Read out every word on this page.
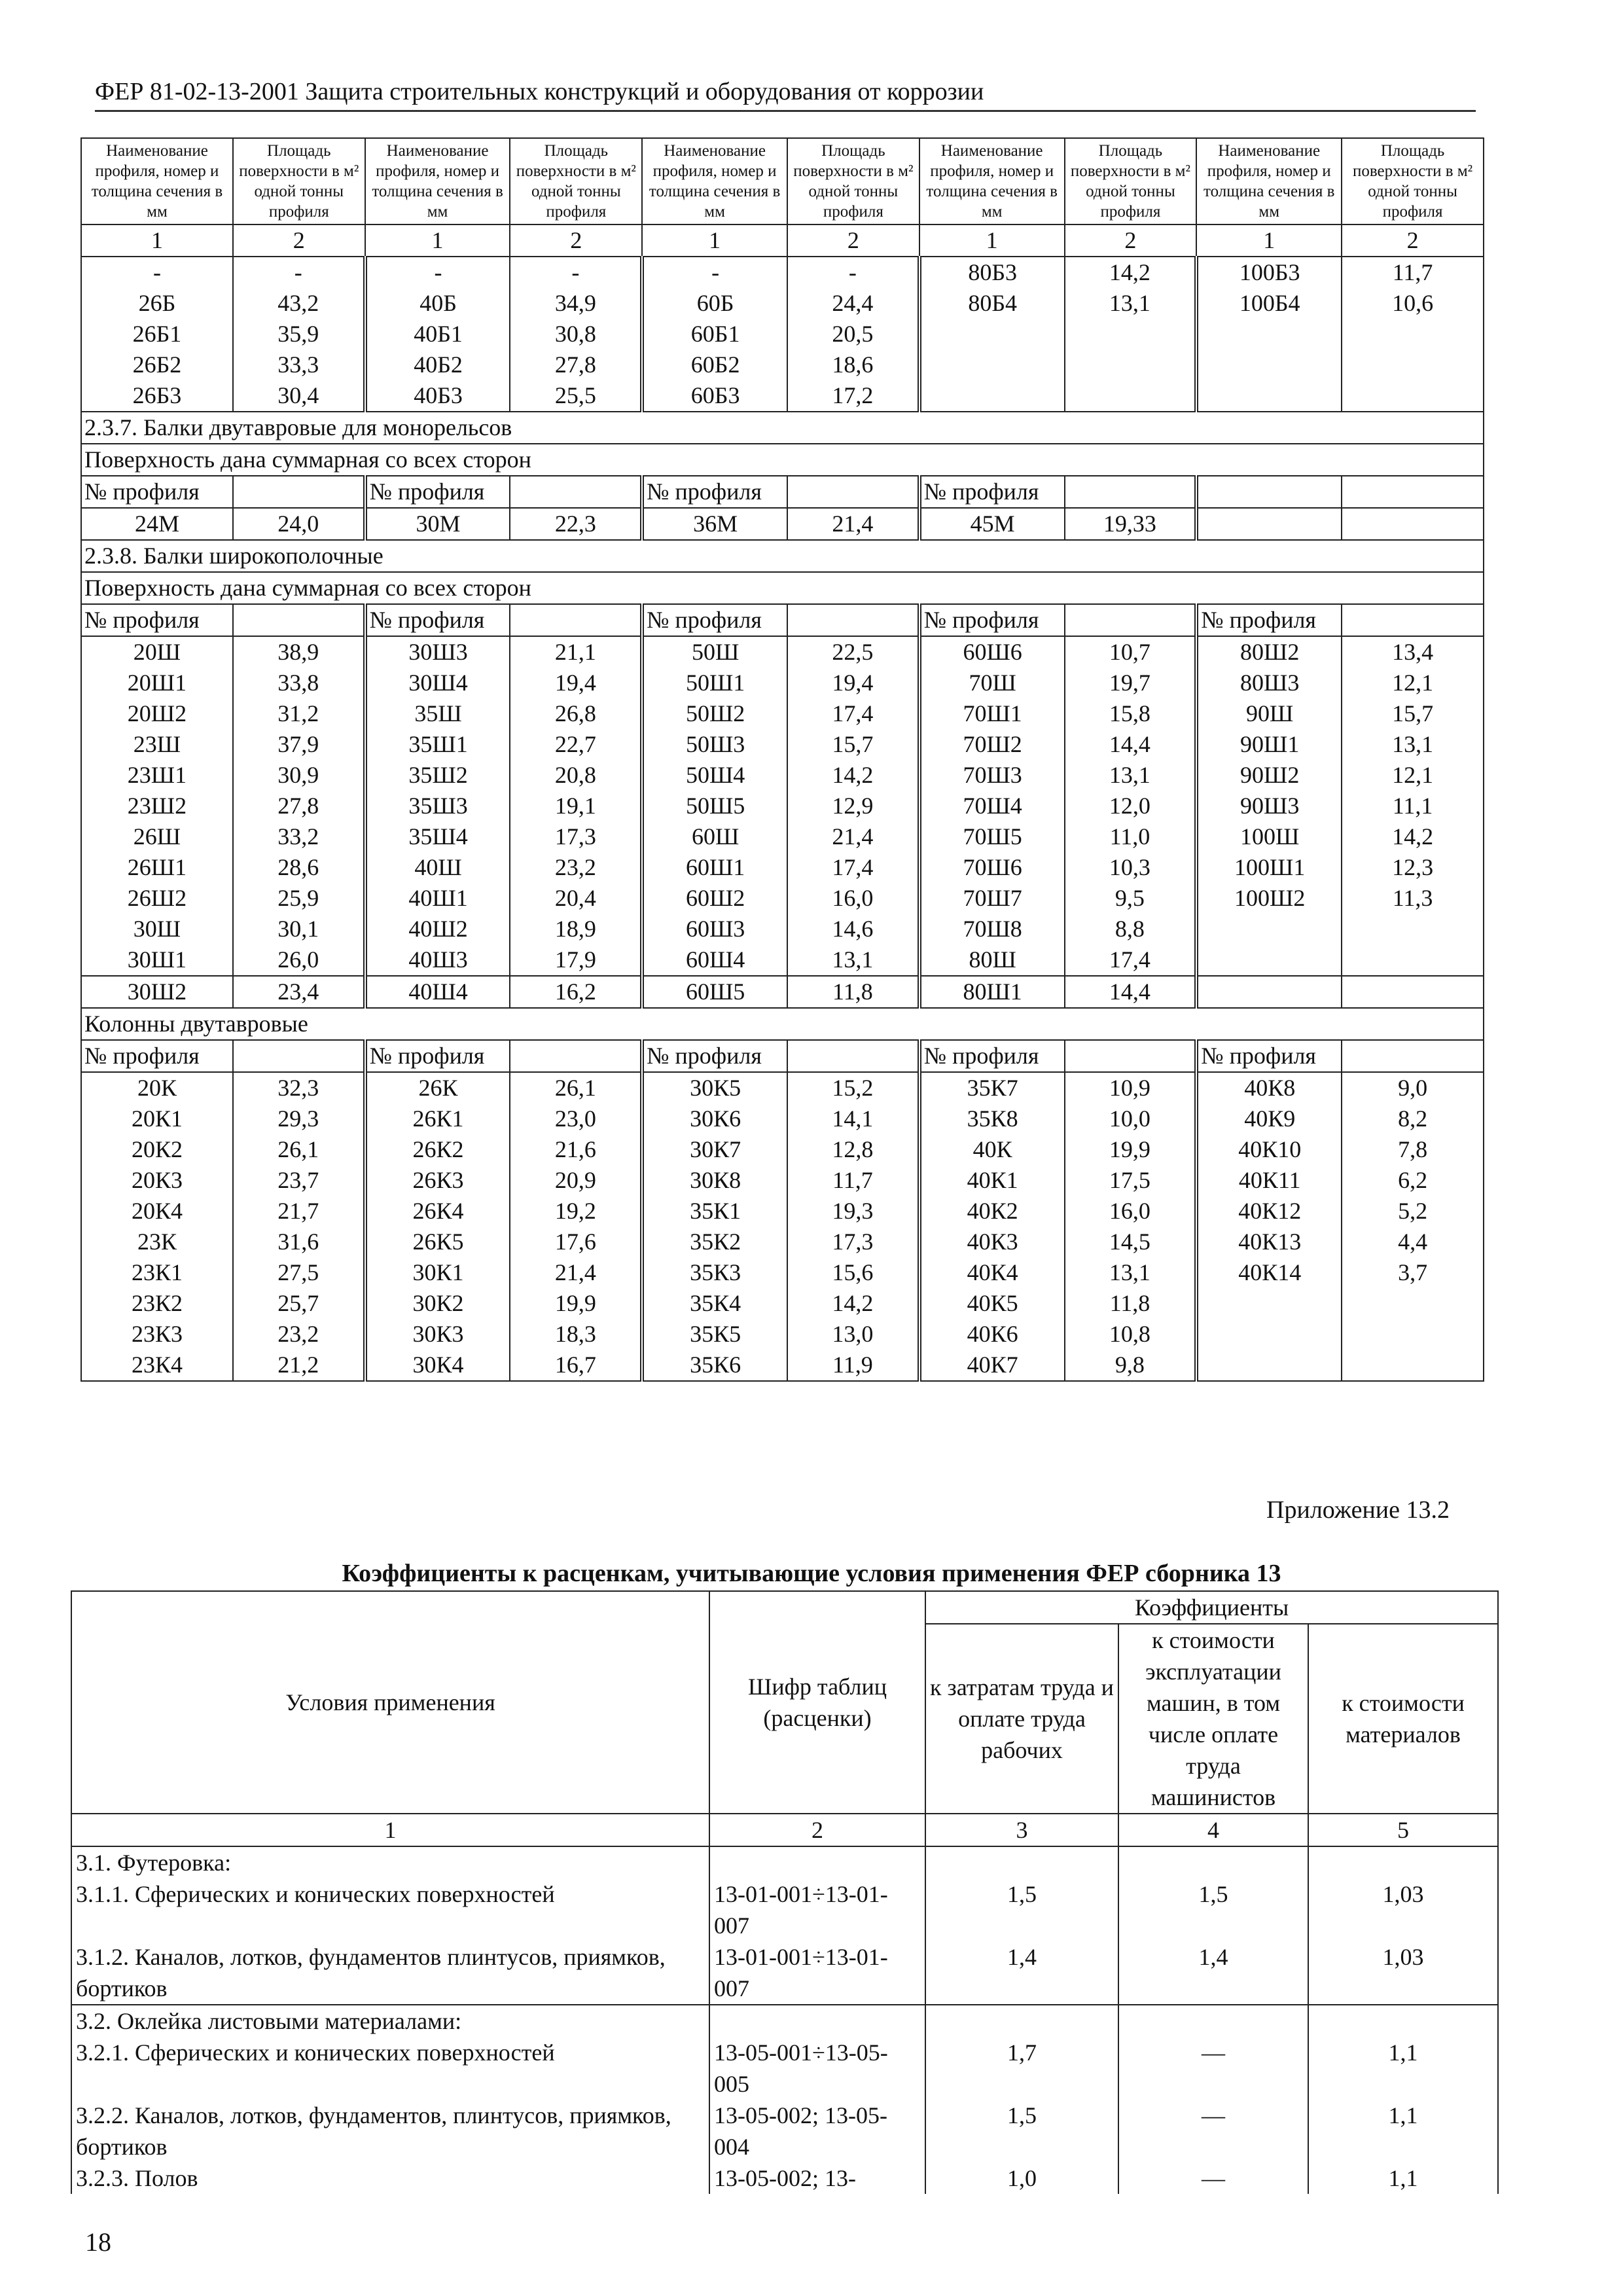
ФЕР 81-02-13-2001 Защита строительных конструкций и оборудования от коррозии
Наименование профиля, номер и толщина сечения в мм	Площадь поверхности в м² одной тонны профиля	Наименование профиля, номер и толщина сечения в мм	Площадь поверхности в м² одной тонны профиля	Наименование профиля, номер и толщина сечения в мм	Площадь поверхности в м² одной тонны профиля	Наименование профиля, номер и толщина сечения в мм	Площадь поверхности в м² одной тонны профиля	Наименование профиля, номер и толщина сечения в мм	Площадь поверхности в м² одной тонны профиля
1	2	1	2	1	2	1	2	1	2
-	-	-	-	-	-	80Б3	14,2	100Б3	11,7
26Б	43,2	40Б	34,9	60Б	24,4	80Б4	13,1	100Б4	10,6
26Б1	35,9	40Б1	30,8	60Б1	20,5				
26Б2	33,3	40Б2	27,8	60Б2	18,6				
26Б3	30,4	40Б3	25,5	60Б3	17,2				
2.3.7. Балки двутавровые для монорельсов									
Поверхность дана суммарная со всех сторон									
№ профиля		№ профиля		№ профиля		№ профиля			
24М	24,0	30М	22,3	36М	21,4	45М	19,33		
2.3.8. Балки широкополочные									
Поверхность дана суммарная со всех сторон									
№ профиля		№ профиля		№ профиля		№ профиля		№ профиля	
20Ш	38,9	30Ш3	21,1	50Ш	22,5	60Ш6	10,7	80Ш2	13,4
20Ш1	33,8	30Ш4	19,4	50Ш1	19,4	70Ш	19,7	80Ш3	12,1
20Ш2	31,2	35Ш	26,8	50Ш2	17,4	70Ш1	15,8	90Ш	15,7
23Ш	37,9	35Ш1	22,7	50Ш3	15,7	70Ш2	14,4	90Ш1	13,1
23Ш1	30,9	35Ш2	20,8	50Ш4	14,2	70Ш3	13,1	90Ш2	12,1
23Ш2	27,8	35Ш3	19,1	50Ш5	12,9	70Ш4	12,0	90Ш3	11,1
26Ш	33,2	35Ш4	17,3	60Ш	21,4	70Ш5	11,0	100Ш	14,2
26Ш1	28,6	40Ш	23,2	60Ш1	17,4	70Ш6	10,3	100Ш1	12,3
26Ш2	25,9	40Ш1	20,4	60Ш2	16,0	70Ш7	9,5	100Ш2	11,3
30Ш	30,1	40Ш2	18,9	60Ш3	14,6	70Ш8	8,8		
30Ш1	26,0	40Ш3	17,9	60Ш4	13,1	80Ш	17,4		
30Ш2	23,4	40Ш4	16,2	60Ш5	11,8	80Ш1	14,4		
Колонны двутавровые									
№ профиля		№ профиля		№ профиля		№ профиля		№ профиля	
20К	32,3	26К	26,1	30К5	15,2	35К7	10,9	40К8	9,0
20К1	29,3	26К1	23,0	30К6	14,1	35К8	10,0	40К9	8,2
20К2	26,1	26К2	21,6	30К7	12,8	40К	19,9	40К10	7,8
20К3	23,7	26К3	20,9	30К8	11,7	40К1	17,5	40К11	6,2
20К4	21,7	26К4	19,2	35К1	19,3	40К2	16,0	40К12	5,2
23К	31,6	26К5	17,6	35К2	17,3	40К3	14,5	40К13	4,4
23К1	27,5	30К1	21,4	35К3	15,6	40К4	13,1	40К14	3,7
23К2	25,7	30К2	19,9	35К4	14,2	40К5	11,8		
23К3	23,2	30К3	18,3	35К5	13,0	40К6	10,8		
23К4	21,2	30К4	16,7	35К6	11,9	40К7	9,8		
Приложение 13.2
Коэффициенты к расценкам, учитывающие условия применения ФЕР сборника 13
Условия применения	Шифр таблиц (расценки)	Коэффициенты		
		к затратам труда и оплате труда рабочих	к стоимости эксплуатации машин, в том числе оплате труда машинистов	к стоимости материалов
1	2	3	4	5
3.1. Футеровка:				
3.1.1. Сферических и конических поверхностей	13-01-001÷13-01-007	1,5	1,5	1,03
3.1.2. Каналов, лотков, фундаментов плинтусов, приямков, бортиков	13-01-001÷13-01-007	1,4	1,4	1,03
3.2. Оклейка листовыми материалами:				
3.2.1. Сферических и конических поверхностей	13-05-001÷13-05-005	1,7	—	1,1
3.2.2. Каналов, лотков, фундаментов, плинтусов, приямков, бортиков	13-05-002; 13-05-004	1,5	—	1,1
3.2.3. Полов	13-05-002; 13-	1,0	—	1,1
18
